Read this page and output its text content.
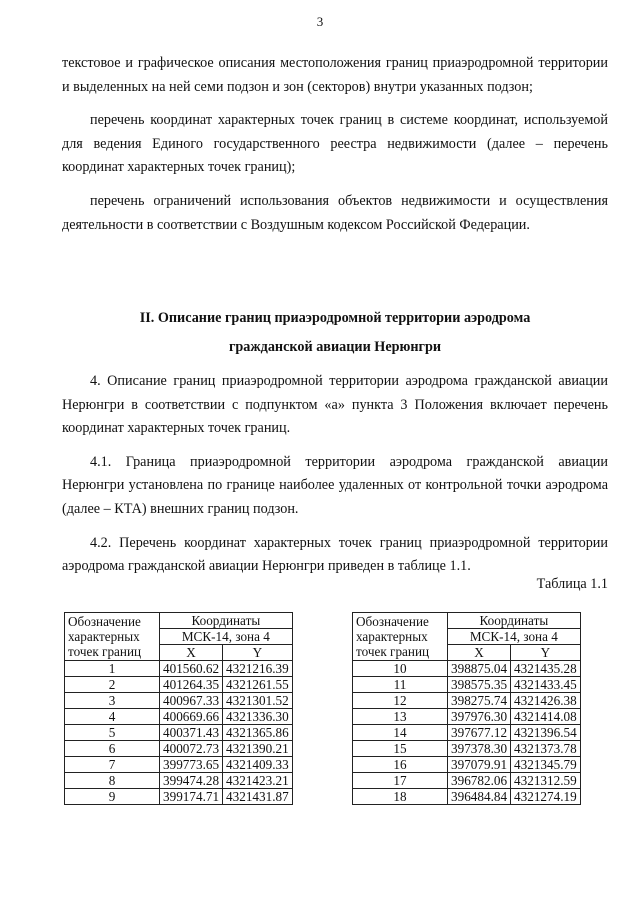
3

текстовое и графическое описания местоположения границ приаэродромной территории и выделенных на ней семи подзон и зон (секторов) внутри указанных подзон;

перечень координат характерных точек границ в системе координат, используемой для ведения Единого государственного реестра недвижимости (далее – перечень координат характерных точек границ);

перечень ограничений использования объектов недвижимости и осуществления деятельности в соответствии с Воздушным кодексом Российской Федерации.

II. Описание границ приаэродромной территории аэродрома
гражданской авиации Нерюнгри

4. Описание границ приаэродромной территории аэродрома гражданской авиации Нерюнгри в соответствии с подпунктом «а» пункта 3 Положения включает перечень координат характерных точек границ.

4.1. Граница приаэродромной территории аэродрома гражданской авиации Нерюнгри установлена по границе наиболее удаленных от контрольной точки аэродрома (далее – КТА) внешних границ подзон.

4.2. Перечень координат характерных точек границ приаэродромной территории аэродрома гражданской авиации Нерюнгри приведен в таблице 1.1.

Таблица 1.1
Обозначение
характерных
точек границ	Координаты	

	МСК-14, зона 4	
	X	Y
1	401560.62	4321216.39
2	401264.35	4321261.55
3	400967.33	4321301.52
4	400669.66	4321336.30
5	400371.43	4321365.86
6	400072.73	4321390.21
7	399773.65	4321409.33
8	399474.28	4321423.21
9	399174.71	4321431.87
Обозначение
характерных
точек границ	Координаты	

	МСК-14, зона 4	
	X	Y
10	398875.04	4321435.28
11	398575.35	4321433.45
12	398275.74	4321426.38
13	397976.30	4321414.08
14	397677.12	4321396.54
15	397378.30	4321373.78
16	397079.91	4321345.79
17	396782.06	4321312.59
18	396484.84	4321274.19
